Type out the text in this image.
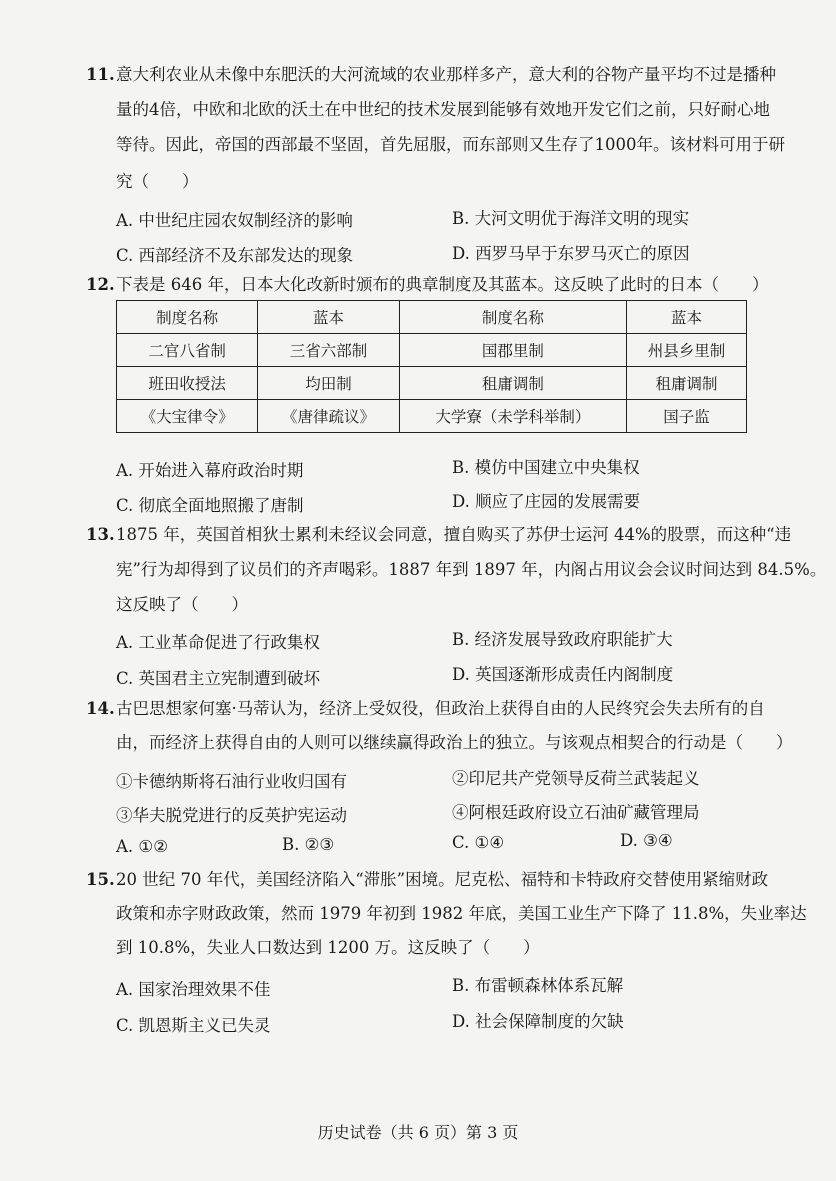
11.意大利农业从未像中东肥沃的大河流域的农业那样多产，意大利的谷物产量平均不过是播种
量的4倍，中欧和北欧的沃土在中世纪的技术发展到能够有效地开发它们之前，只好耐心地
等待。因此，帝国的西部最不坚固，首先屈服，而东部则又生存了1000年。该材料可用于研
究（　　）
A. 中世纪庄园农奴制经济的影响	B. 大河文明优于海洋文明的现实
C. 西部经济不及东部发达的现象	D. 西罗马早于东罗马灭亡的原因
12.下表是 646 年，日本大化改新时颁布的典章制度及其蓝本。这反映了此时的日本（　　）
制度名称	蓝本	制度名称	蓝本
二官八省制	三省六部制	国郡里制	州县乡里制
班田收授法	均田制	租庸调制	租庸调制
《大宝律令》	《唐律疏议》	大学寮（未学科举制）	国子监
A. 开始进入幕府政治时期	B. 模仿中国建立中央集权
C. 彻底全面地照搬了唐制	D. 顺应了庄园的发展需要
13.1875 年，英国首相狄士累利未经议会同意，擅自购买了苏伊士运河 44%的股票，而这种“违
宪”行为却得到了议员们的齐声喝彩。1887 年到 1897 年，内阁占用议会会议时间达到 84.5%。
这反映了（　　）
A. 工业革命促进了行政集权	B. 经济发展导致政府职能扩大
C. 英国君主立宪制遭到破坏	D. 英国逐渐形成责任内阁制度
14.古巴思想家何塞·马蒂认为，经济上受奴役，但政治上获得自由的人民终究会失去所有的自
由，而经济上获得自由的人则可以继续赢得政治上的独立。与该观点相契合的行动是（　　）
①卡德纳斯将石油行业收归国有	②印尼共产党领导反荷兰武装起义
③华夫脱党进行的反英护宪运动	④阿根廷政府设立石油矿藏管理局
A. ①②	B. ②③	C. ①④	D. ③④
15.20 世纪 70 年代，美国经济陷入“滞胀”困境。尼克松、福特和卡特政府交替使用紧缩财政
政策和赤字财政政策，然而 1979 年初到 1982 年底，美国工业生产下降了 11.8%，失业率达
到 10.8%，失业人口数达到 1200 万。这反映了（　　）
A. 国家治理效果不佳	B. 布雷顿森林体系瓦解
C. 凯恩斯主义已失灵	D. 社会保障制度的欠缺
历史试卷（共 6 页）第 3 页
